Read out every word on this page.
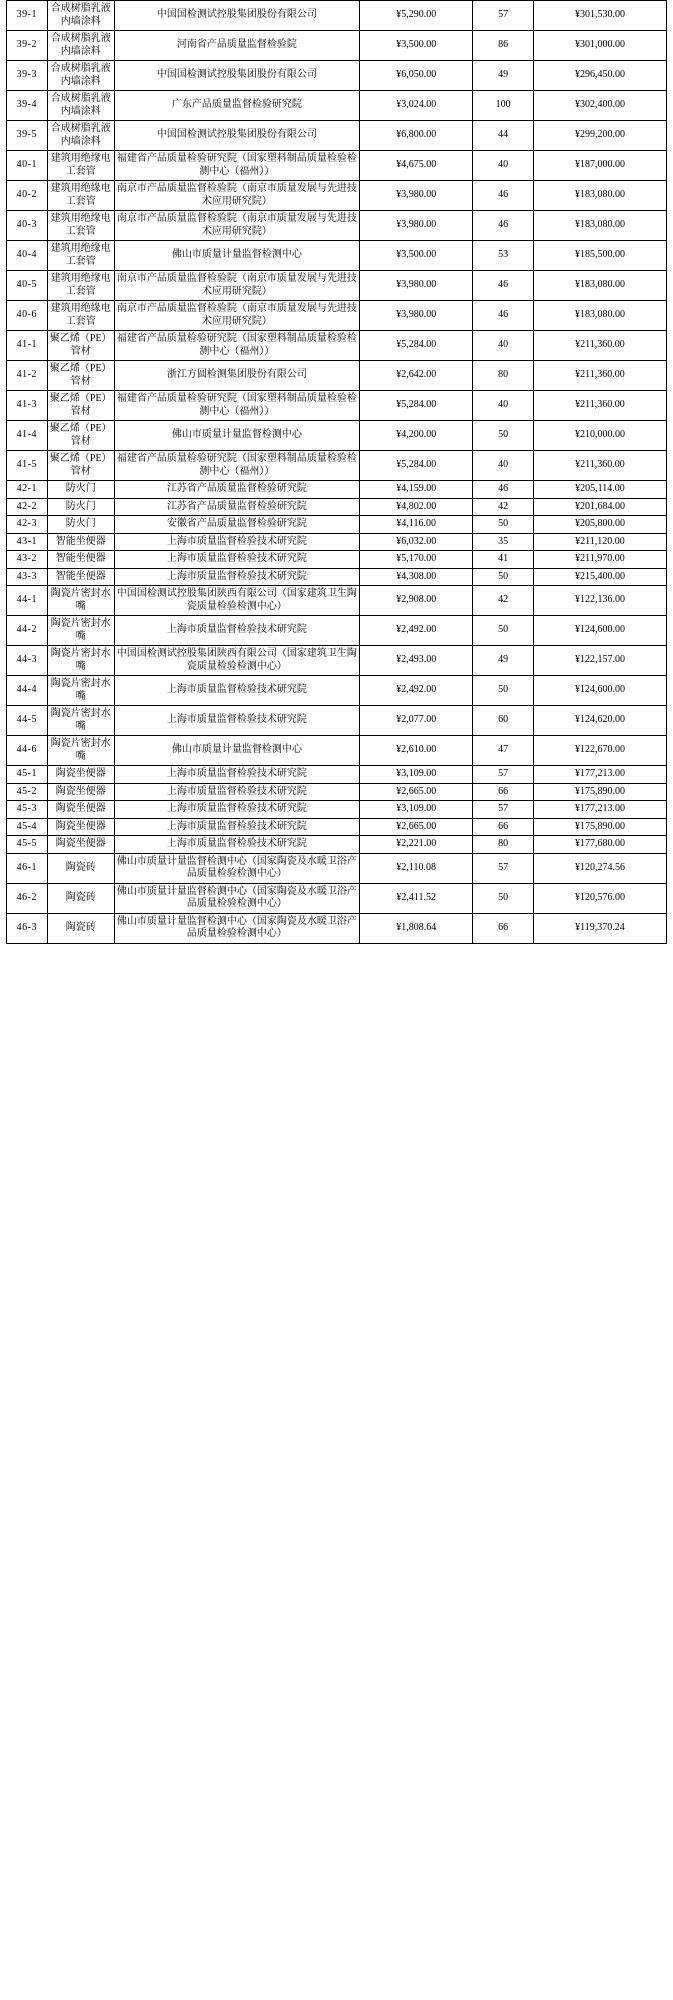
39-1	合成树脂乳液内墙涂料	中国国检测试控股集团股份有限公司	¥5,290.00	57	¥301,530.00
39-2	合成树脂乳液内墙涂料	河南省产品质量监督检验院	¥3,500.00	86	¥301,000.00
39-3	合成树脂乳液内墙涂料	中国国检测试控股集团股份有限公司	¥6,050.00	49	¥296,450.00
39-4	合成树脂乳液内墙涂料	广东产品质量监督检验研究院	¥3,024.00	100	¥302,400.00
39-5	合成树脂乳液内墙涂料	中国国检测试控股集团股份有限公司	¥6,800.00	44	¥299,200.00
40-1	建筑用绝缘电工套管	福建省产品质量检验研究院（国家塑料制品质量检验检测中心（福州））	¥4,675.00	40	¥187,000.00
40-2	建筑用绝缘电工套管	南京市产品质量监督检验院（南京市质量发展与先进技术应用研究院）	¥3,980.00	46	¥183,080.00
40-3	建筑用绝缘电工套管	南京市产品质量监督检验院（南京市质量发展与先进技术应用研究院）	¥3,980.00	46	¥183,080.00
40-4	建筑用绝缘电工套管	佛山市质量计量监督检测中心	¥3,500.00	53	¥185,500.00
40-5	建筑用绝缘电工套管	南京市产品质量监督检验院（南京市质量发展与先进技术应用研究院）	¥3,980.00	46	¥183,080.00
40-6	建筑用绝缘电工套管	南京市产品质量监督检验院（南京市质量发展与先进技术应用研究院）	¥3,980.00	46	¥183,080.00
41-1	聚乙烯（PE）管材	福建省产品质量检验研究院（国家塑料制品质量检验检测中心（福州））	¥5,284.00	40	¥211,360.00
41-2	聚乙烯（PE）管材	浙江方圆检测集团股份有限公司	¥2,642.00	80	¥211,360.00
41-3	聚乙烯（PE）管材	福建省产品质量检验研究院（国家塑料制品质量检验检测中心（福州））	¥5,284.00	40	¥211,360.00
41-4	聚乙烯（PE）管材	佛山市质量计量监督检测中心	¥4,200.00	50	¥210,000.00
41-5	聚乙烯（PE）管材	福建省产品质量检验研究院（国家塑料制品质量检验检测中心（福州））	¥5,284.00	40	¥211,360.00
42-1	防火门	江苏省产品质量监督检验研究院	¥4,159.00	46	¥205,114.00
42-2	防火门	江苏省产品质量监督检验研究院	¥4,802.00	42	¥201,684.00
42-3	防火门	安徽省产品质量监督检验研究院	¥4,116.00	50	¥205,800.00
43-1	智能坐便器	上海市质量监督检验技术研究院	¥6,032.00	35	¥211,120.00
43-2	智能坐便器	上海市质量监督检验技术研究院	¥5,170.00	41	¥211,970.00
43-3	智能坐便器	上海市质量监督检验技术研究院	¥4,308.00	50	¥215,400.00
44-1	陶瓷片密封水嘴	中国国检测试控股集团陕西有限公司（国家建筑卫生陶瓷质量检验检测中心）	¥2,908.00	42	¥122,136.00
44-2	陶瓷片密封水嘴	上海市质量监督检验技术研究院	¥2,492.00	50	¥124,600.00
44-3	陶瓷片密封水嘴	中国国检测试控股集团陕西有限公司（国家建筑卫生陶瓷质量检验检测中心）	¥2,493.00	49	¥122,157.00
44-4	陶瓷片密封水嘴	上海市质量监督检验技术研究院	¥2,492.00	50	¥124,600.00
44-5	陶瓷片密封水嘴	上海市质量监督检验技术研究院	¥2,077.00	60	¥124,620.00
44-6	陶瓷片密封水嘴	佛山市质量计量监督检测中心	¥2,610.00	47	¥122,670.00
45-1	陶瓷坐便器	上海市质量监督检验技术研究院	¥3,109.00	57	¥177,213.00
45-2	陶瓷坐便器	上海市质量监督检验技术研究院	¥2,665.00	66	¥175,890.00
45-3	陶瓷坐便器	上海市质量监督检验技术研究院	¥3,109.00	57	¥177,213.00
45-4	陶瓷坐便器	上海市质量监督检验技术研究院	¥2,665.00	66	¥175,890.00
45-5	陶瓷坐便器	上海市质量监督检验技术研究院	¥2,221.00	80	¥177,680.00
46-1	陶瓷砖	佛山市质量计量监督检测中心（国家陶瓷及水暖卫浴产品质量检验检测中心）	¥2,110.08	57	¥120,274.56
46-2	陶瓷砖	佛山市质量计量监督检测中心（国家陶瓷及水暖卫浴产品质量检验检测中心）	¥2,411.52	50	¥120,576.00
46-3	陶瓷砖	佛山市质量计量监督检测中心（国家陶瓷及水暖卫浴产品质量检验检测中心）	¥1,808.64	66	¥119,370.24
